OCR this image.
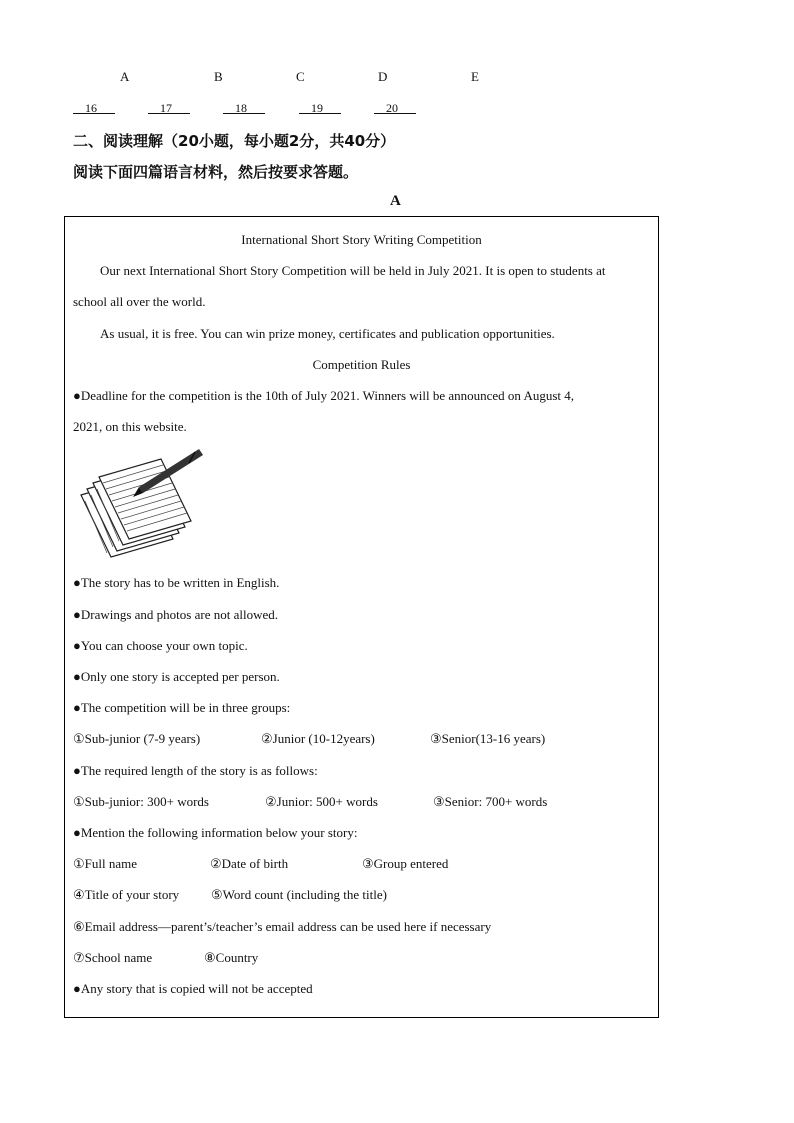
A	B	C	D	E
16	17	18	19	20
二、阅读理解（20小题，每小题2分，共40分）
阅读下面四篇语言材料，然后按要求答题。
A
International Short Story Writing Competition
Our next International Short Story Competition will be held in July 2021. It is open to students at
school all over the world.
As usual, it is free. You can win prize money, certificates and publication opportunities.
Competition Rules
●Deadline for the competition is the 10th of July 2021. Winners will be announced on August 4,
2021, on this website.
●The story has to be written in English.
●Drawings and photos are not allowed.
●You can choose your own topic.
●Only one story is accepted per person.
●The competition will be in three groups:
①Sub-junior (7-9 years)	②Junior (10-12years)	③Senior(13-16 years)
●The required length of the story is as follows:
①Sub-junior: 300+ words	②Junior: 500+ words	③Senior: 700+ words
●Mention the following information below your story:
①Full name	②Date of birth	③Group entered
④Title of your story ⑤Word count (including the title)
⑥Email address—parent’s/teacher’s email address can be used here if necessary
⑦School name	⑧Country
●Any story that is copied will not be accepted
